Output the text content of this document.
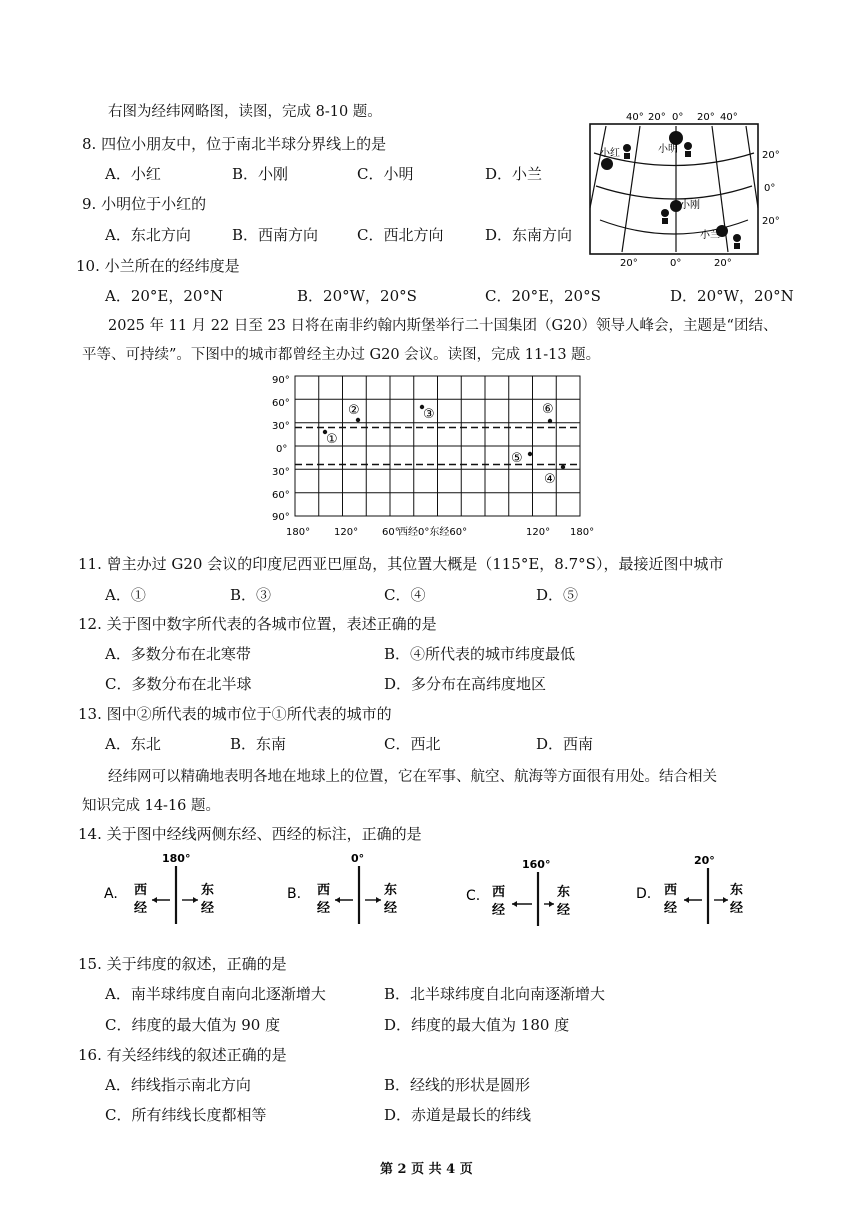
右图为经纬网略图，读图，完成 8-10 题。
8. 四位小朋友中，位于南北半球分界线上的是
A．小红	B．小刚	C．小明	D．小兰
9. 小明位于小红的
A．东北方向	B．西南方向	C．西北方向	D．东南方向
10. 小兰所在的经纬度是
A．20°E，20°N	B．20°W，20°S	C．20°E，20°S	D．20°W，20°N
40° 20° 0° 20° 40°
20°
0°
20°
20°	0°	20°
小红	小明
小刚
小兰
2025 年 11 月 22 日至 23 日将在南非约翰内斯堡举行二十国集团（G20）领导人峰会，主题是“团结、
平等、可持续”。下图中的城市都曾经主办过 G20 会议。读图，完成 11-13 题。
90°
60°
30°
0°
30°
60°
90°
180° 120° 60°
西经0°东经60°	120° 180°
①
②	③
④
⑤
⑥
11. 曾主办过 G20 会议的印度尼西亚巴厘岛，其位置大概是（115°E，8.7°S），最接近图中城市
A．①	B．③	C．④	D．⑤
12. 关于图中数字所代表的各城市位置，表述正确的是
A．多数分布在北寒带	B．④所代表的城市纬度最低
C．多数分布在北半球	D．多分布在高纬度地区
13. 图中②所代表的城市位于①所代表的城市的
A．东北	B．东南	C．西北	D．西南
经纬网可以精确地表明各地在地球上的位置，它在军事、航空、航海等方面很有用处。结合相关
知识完成 14-16 题。
14. 关于图中经线两侧东经、西经的标注，正确的是
A.
180°
西
经
东
经
B.
0°
西
经
东
经
C.
160°
西
经
东
经
D.
20°
西
经
东
经
15. 关于纬度的叙述，正确的是
A．南半球纬度自南向北逐渐增大	B．北半球纬度自北向南逐渐增大
C．纬度的最大值为 90 度	D．纬度的最大值为 180 度
16. 有关经纬线的叙述正确的是
A．纬线指示南北方向	B．经线的形状是圆形
C．所有纬线长度都相等	D．赤道是最长的纬线
第 2 页 共 4 页
